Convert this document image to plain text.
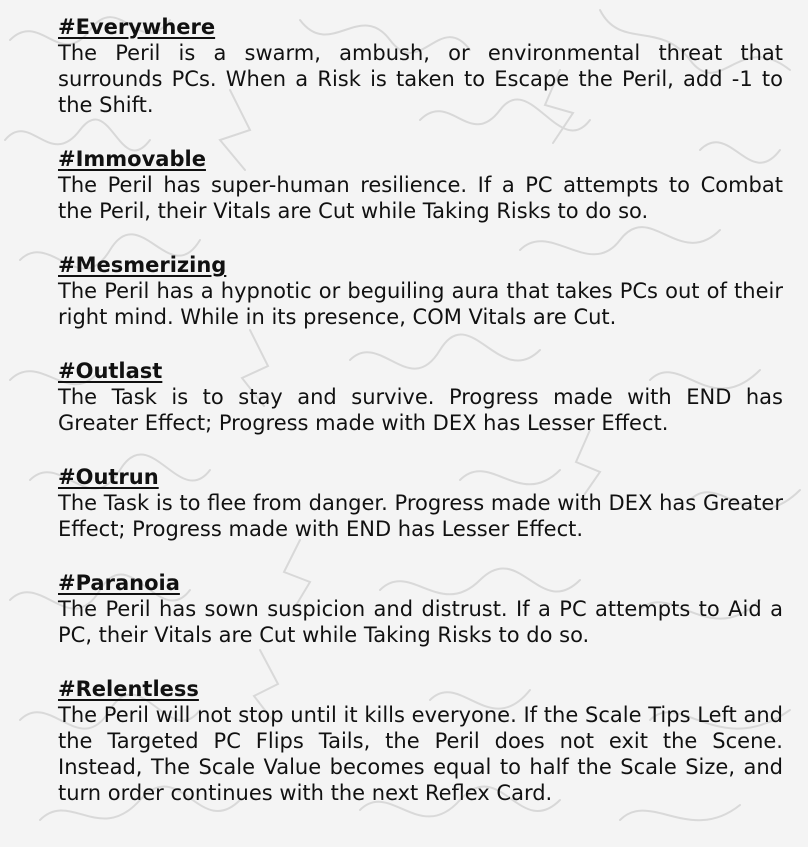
#Everywhere

The Peril is a swarm, ambush, or environmental threat that surrounds PCs. When a Risk is taken to Escape the Peril, add -1 to the Shift.

#Immovable

The Peril has super-human resilience. If a PC attempts to Combat the Peril, their Vitals are Cut while Taking Risks to do so.

#Mesmerizing

The Peril has a hypnotic or beguiling aura that takes PCs out of their right mind. While in its presence, COM Vitals are Cut.

#Outlast

The Task is to stay and survive. Progress made with END has Greater Effect; Progress made with DEX has Lesser Effect.

#Outrun

The Task is to flee from danger. Progress made with DEX has Greater Effect; Progress made with END has Lesser Effect.

#Paranoia

The Peril has sown suspicion and distrust. If a PC attempts to Aid a PC, their Vitals are Cut while Taking Risks to do so.

#Relentless

The Peril will not stop until it kills everyone. If the Scale Tips Left and the Targeted PC Flips Tails, the Peril does not exit the Scene. Instead, The Scale Value becomes equal to half the Scale Size, and turn order continues with the next Reflex Card.
